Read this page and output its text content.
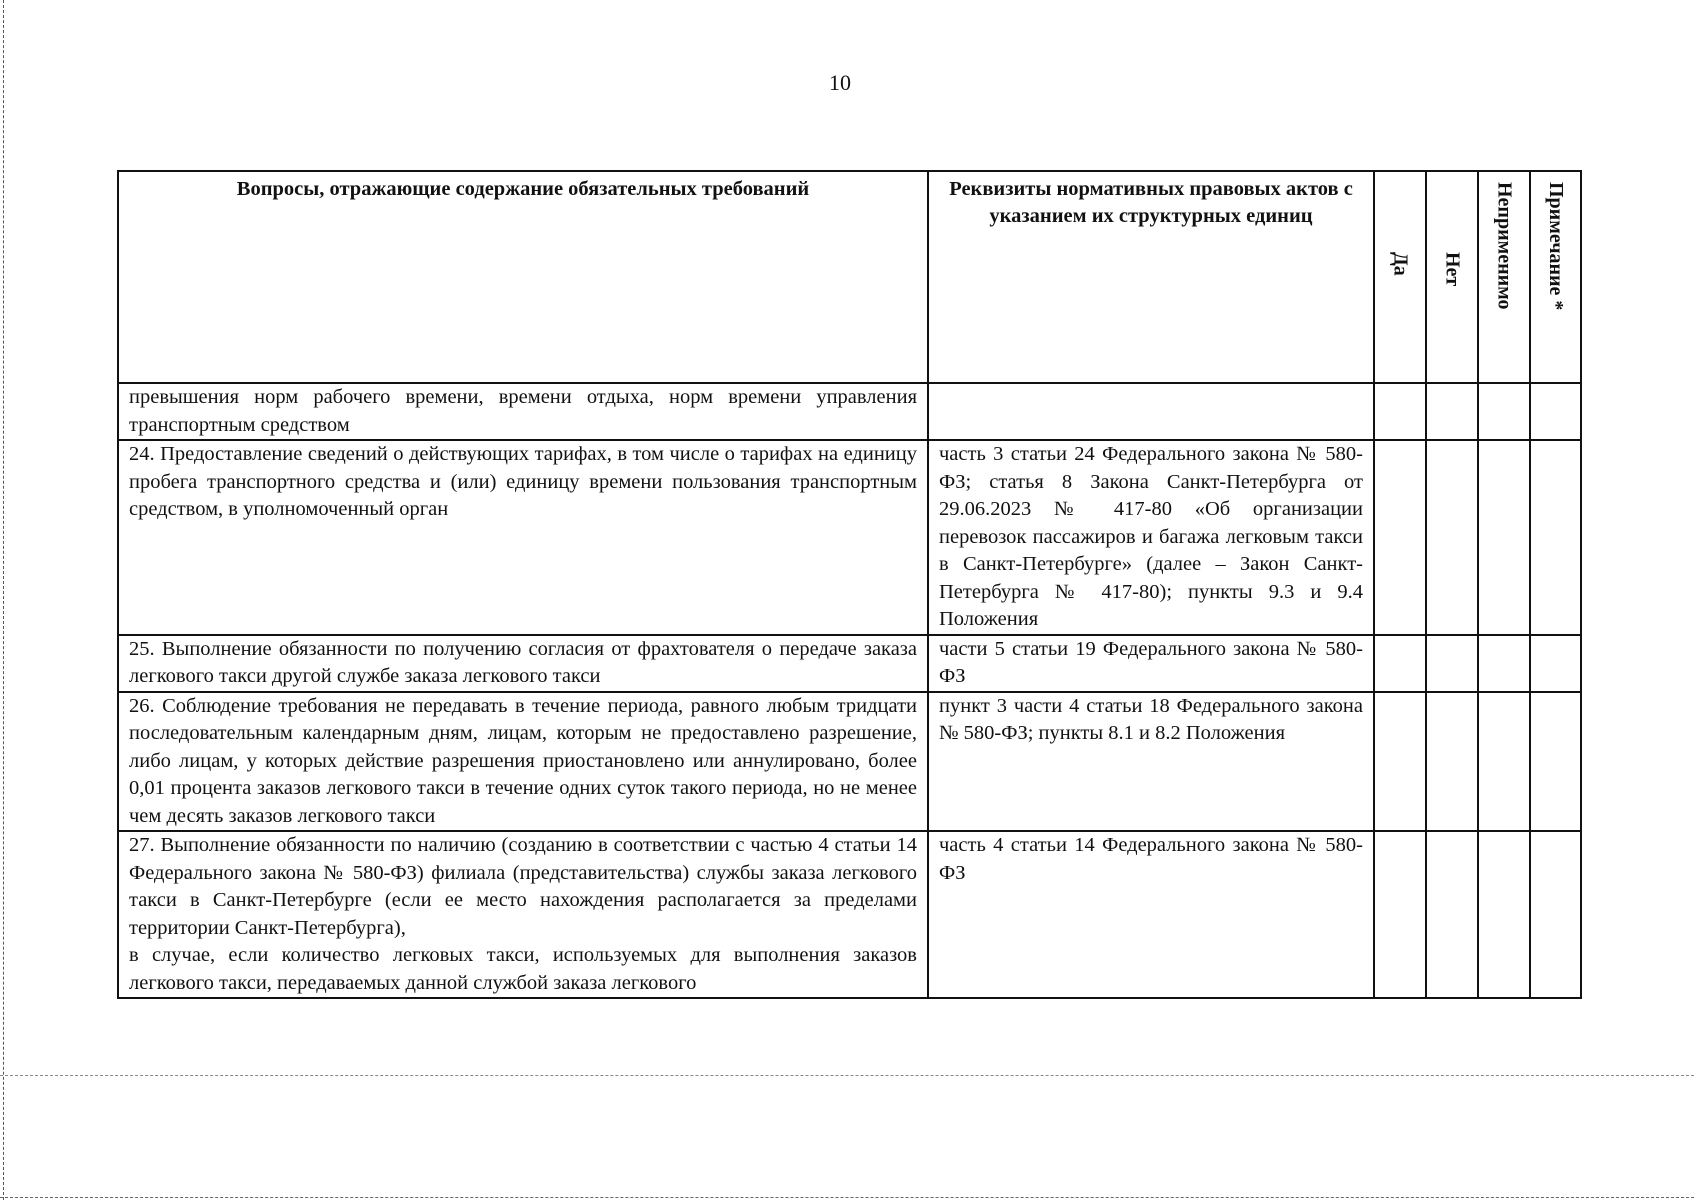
10
Вопросы, отражающие содержание обязательных требований	Реквизиты нормативных правовых актов с указанием их структурных единиц	Да	Нет	Неприменимо	Примечание *

превышения норм рабочего времени, времени отдыха, норм времени управления транспортным средством					
24. Предоставление сведений о действующих тарифах, в том числе о тарифах на единицу пробега транспортного средства и (или) единицу времени пользования транспортным средством, в уполномоченный орган	часть 3 статьи 24 Федерального закона № 580-ФЗ; статья 8 Закона Санкт-Петербурга от 29.06.2023 № 417-80 «Об организации перевозок пассажиров и багажа легковым такси в Санкт-Петербурге» (далее – Закон Санкт-Петербурга № 417-80); пункты 9.3 и 9.4 Положения				
25. Выполнение обязанности по получению согласия от фрахтователя о передаче заказа легкового такси другой службе заказа легкового такси	части 5 статьи 19 Федерального закона № 580-ФЗ				
26. Соблюдение требования не передавать в течение периода, равного любым тридцати последовательным календарным дням, лицам, которым не предоставлено разрешение, либо лицам, у которых действие разрешения приостановлено или аннулировано, более 0,01 процента заказов легкового такси в течение одних суток такого периода, но не менее чем десять заказов легкового такси	пункт 3 части 4 статьи 18 Федерального закона № 580-ФЗ; пункты 8.1 и 8.2 Положения				

27. Выполнение обязанности по наличию (созданию в соответствии с частью 4 статьи 14 Федерального закона № 580-ФЗ) филиала (представительства) службы заказа легкового такси в Санкт-Петербурге (если ее место нахождения располагается за пределами территории Санкт-Петербурга),
в случае, если количество легковых такси, используемых для выполнения заказов легкового такси, передаваемых данной службой заказа легкового	часть 4 статьи 14 Федерального закона № 580-ФЗ				
